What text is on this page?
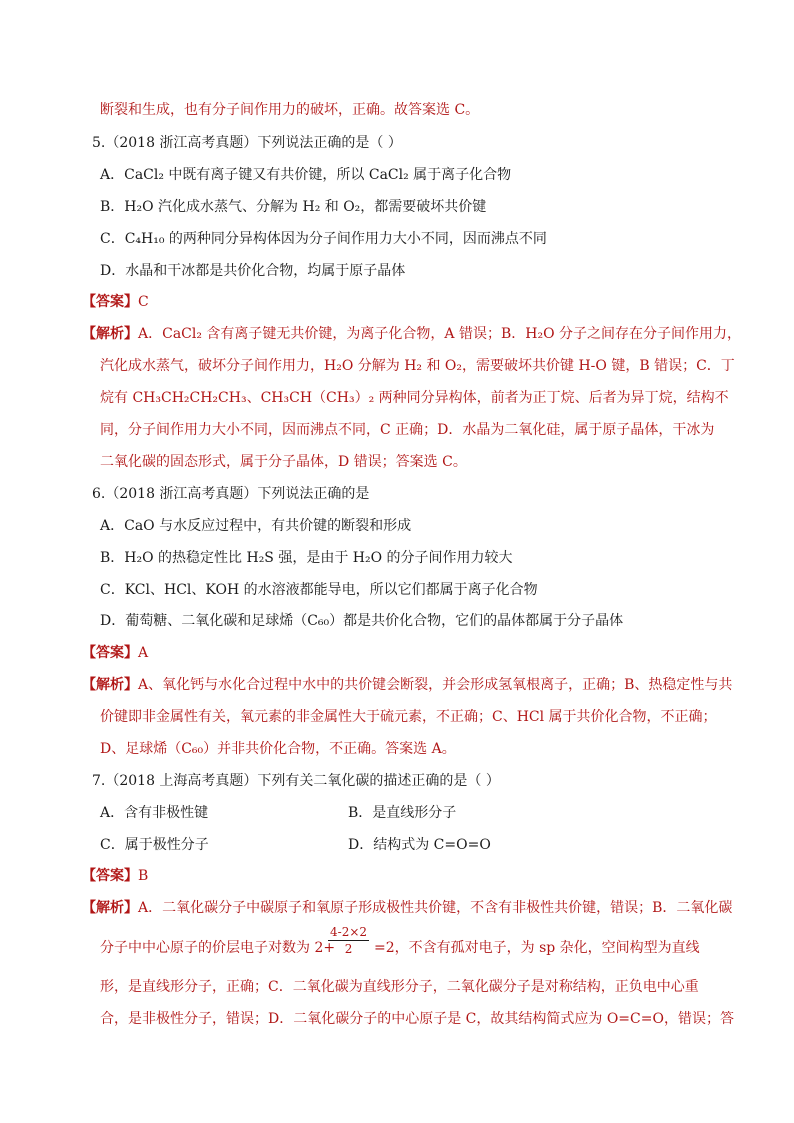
断裂和生成，也有分子间作用力的破坏，正确。故答案选 C。
5.（2018 浙江高考真题）下列说法正确的是（ ）
A．CaCl₂ 中既有离子键又有共价键，所以 CaCl₂ 属于离子化合物
B．H₂O 汽化成水蒸气、分解为 H₂ 和 O₂，都需要破坏共价键
C．C₄H₁₀ 的两种同分异构体因为分子间作用力大小不同，因而沸点不同
D．水晶和干冰都是共价化合物，均属于原子晶体
【答案】C
【解析】A．CaCl₂ 含有离子键无共价键，为离子化合物，A 错误；B．H₂O 分子之间存在分子间作用力，
汽化成水蒸气，破坏分子间作用力，H₂O 分解为 H₂ 和 O₂，需要破坏共价键 H-O 键，B 错误；C．丁
烷有 CH₃CH₂CH₂CH₃、CH₃CH（CH₃）₂ 两种同分异构体，前者为正丁烷、后者为异丁烷，结构不
同，分子间作用力大小不同，因而沸点不同，C 正确；D．水晶为二氧化硅，属于原子晶体，干冰为
二氧化碳的固态形式，属于分子晶体，D 错误；答案选 C。
6.（2018 浙江高考真题）下列说法正确的是
A．CaO 与水反应过程中，有共价键的断裂和形成
B．H₂O 的热稳定性比 H₂S 强，是由于 H₂O 的分子间作用力较大
C．KCl、HCl、KOH 的水溶液都能导电，所以它们都属于离子化合物
D．葡萄糖、二氧化碳和足球烯（C₆₀）都是共价化合物，它们的晶体都属于分子晶体
【答案】A
【解析】A、氧化钙与水化合过程中水中的共价键会断裂，并会形成氢氧根离子，正确；B、热稳定性与共
价键即非金属性有关，氧元素的非金属性大于硫元素，不正确；C、HCl 属于共价化合物，不正确；
D、足球烯（C₆₀）并非共价化合物，不正确。答案选 A。
7.（2018 上海高考真题）下列有关二氧化碳的描述正确的是（ ）
A．含有非极性键	B．是直线形分子
C．属于极性分子	D．结构式为 C=O=O
【答案】B
【解析】A．二氧化碳分子中碳原子和氧原子形成极性共价键，不含有非极性共价键，错误；B．二氧化碳
分子中中心原子的价层电子对数为 2+
$\frac{4-2\times 2}{2} =2$，不含有孤对电子，为 sp 杂化，空间构型为直线
形，是直线形分子，正确；C．二氧化碳为直线形分子，二氧化碳分子是对称结构，正负电中心重
合，是非极性分子，错误；D．二氧化碳分子的中心原子是 C，故其结构简式应为 O=C=O，错误；答
